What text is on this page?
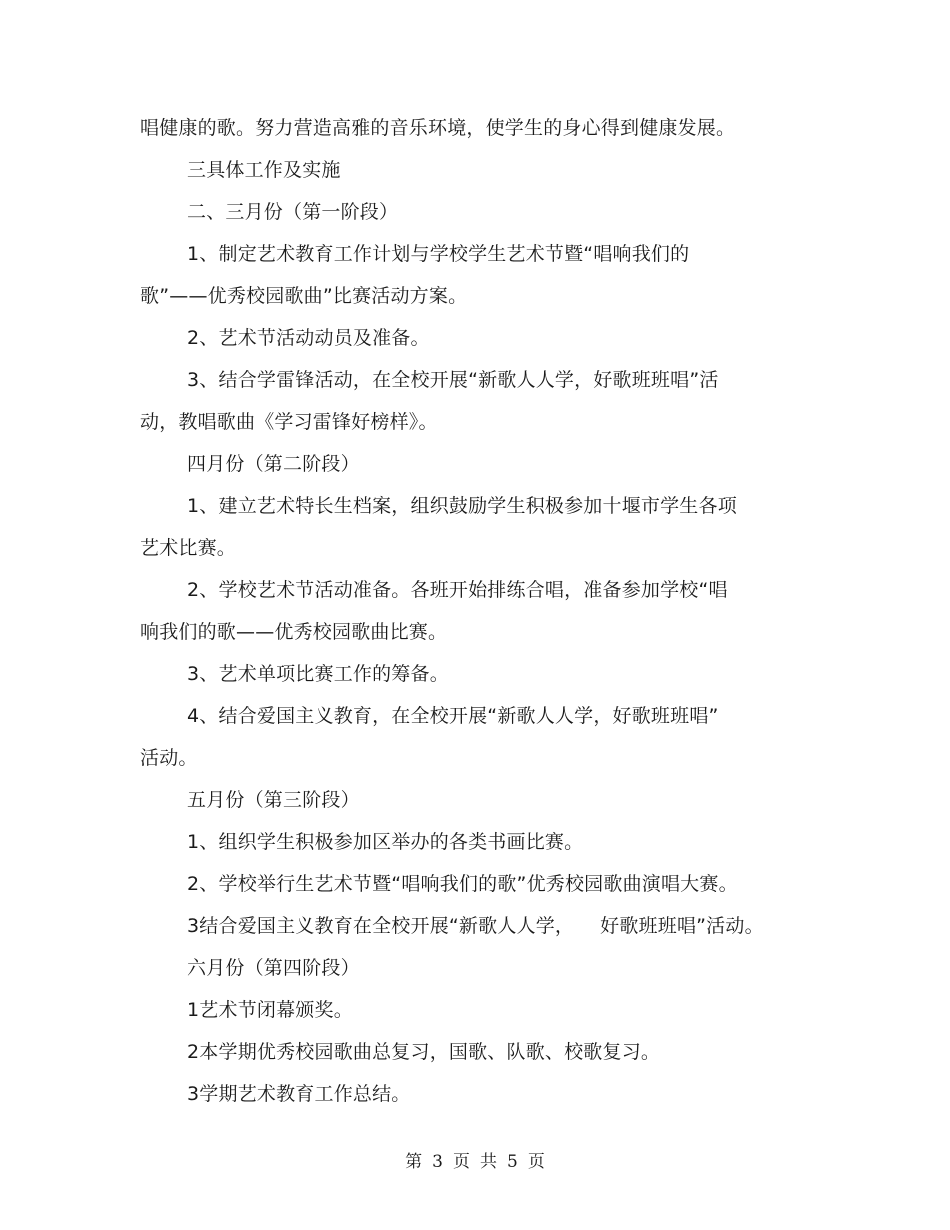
唱健康的歌。努力营造高雅的音乐环境，使学生的身心得到健康发展。
三具体工作及实施
二、三月份（第一阶段）
1、制定艺术教育工作计划与学校学生艺术节暨“唱响我们的
歌”——优秀校园歌曲”比赛活动方案。
2、艺术节活动动员及准备。
3、结合学雷锋活动，在全校开展“新歌人人学，好歌班班唱”活
动，教唱歌曲《学习雷锋好榜样》。
四月份（第二阶段）
1、建立艺术特长生档案，组织鼓励学生积极参加十堰市学生各项
艺术比赛。
2、学校艺术节活动准备。各班开始排练合唱，准备参加学校“唱
响我们的歌——优秀校园歌曲比赛。
3、艺术单项比赛工作的筹备。
4、结合爱国主义教育，在全校开展“新歌人人学，好歌班班唱”
活动。
五月份（第三阶段）
1、组织学生积极参加区举办的各类书画比赛。
2、学校举行生艺术节暨“唱响我们的歌”优秀校园歌曲演唱大赛。
3结合爱国主义教育在全校开展“新歌人人学， 好歌班班唱”活动。
六月份（第四阶段）
1艺术节闭幕颁奖。
2本学期优秀校园歌曲总复习，国歌、队歌、校歌复习。
3学期艺术教育工作总结。
第 3 页 共 5 页
